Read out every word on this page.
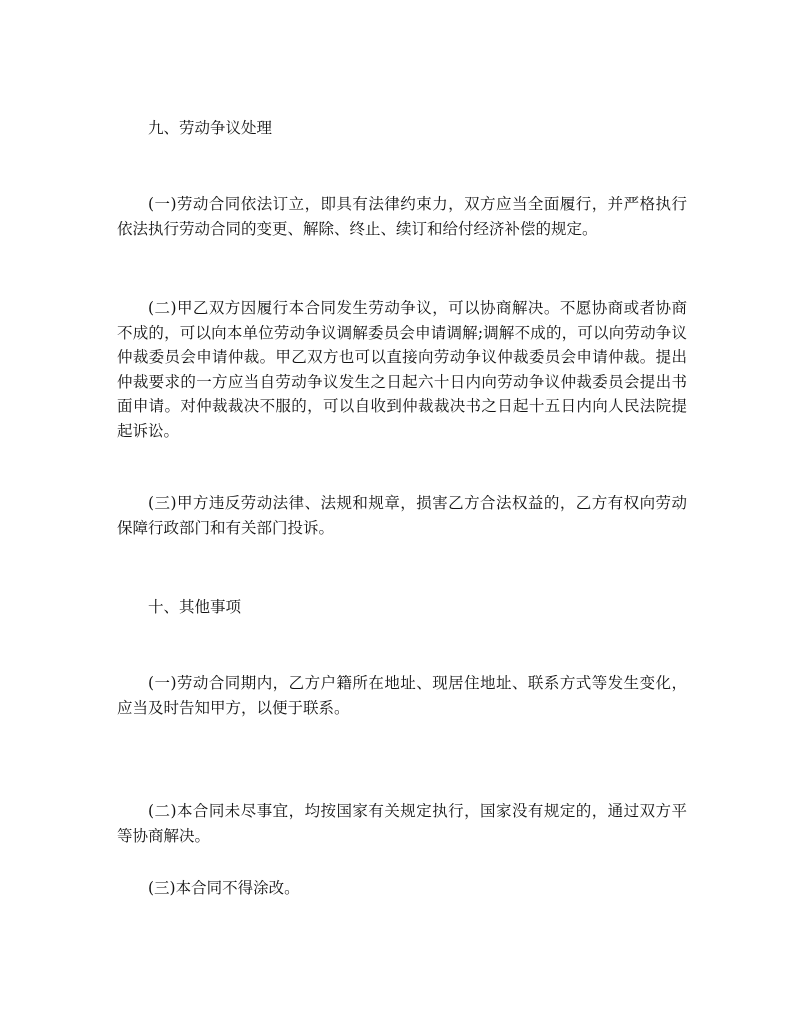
九、劳动争议处理

(一)劳动合同依法订立，即具有法律约束力，双方应当全面履行，并严格执行依法执行劳动合同的变更、解除、终止、续订和给付经济补偿的规定。

(二)甲乙双方因履行本合同发生劳动争议，可以协商解决。不愿协商或者协商不成的，可以向本单位劳动争议调解委员会申请调解;调解不成的，可以向劳动争议仲裁委员会申请仲裁。甲乙双方也可以直接向劳动争议仲裁委员会申请仲裁。提出仲裁要求的一方应当自劳动争议发生之日起六十日内向劳动争议仲裁委员会提出书面申请。对仲裁裁决不服的，可以自收到仲裁裁决书之日起十五日内向人民法院提起诉讼。

(三)甲方违反劳动法律、法规和规章，损害乙方合法权益的，乙方有权向劳动保障行政部门和有关部门投诉。

十、其他事项

(一)劳动合同期内，乙方户籍所在地址、现居住地址、联系方式等发生变化，应当及时告知甲方，以便于联系。

(二)本合同未尽事宜，均按国家有关规定执行，国家没有规定的，通过双方平等协商解决。

(三)本合同不得涂改。
